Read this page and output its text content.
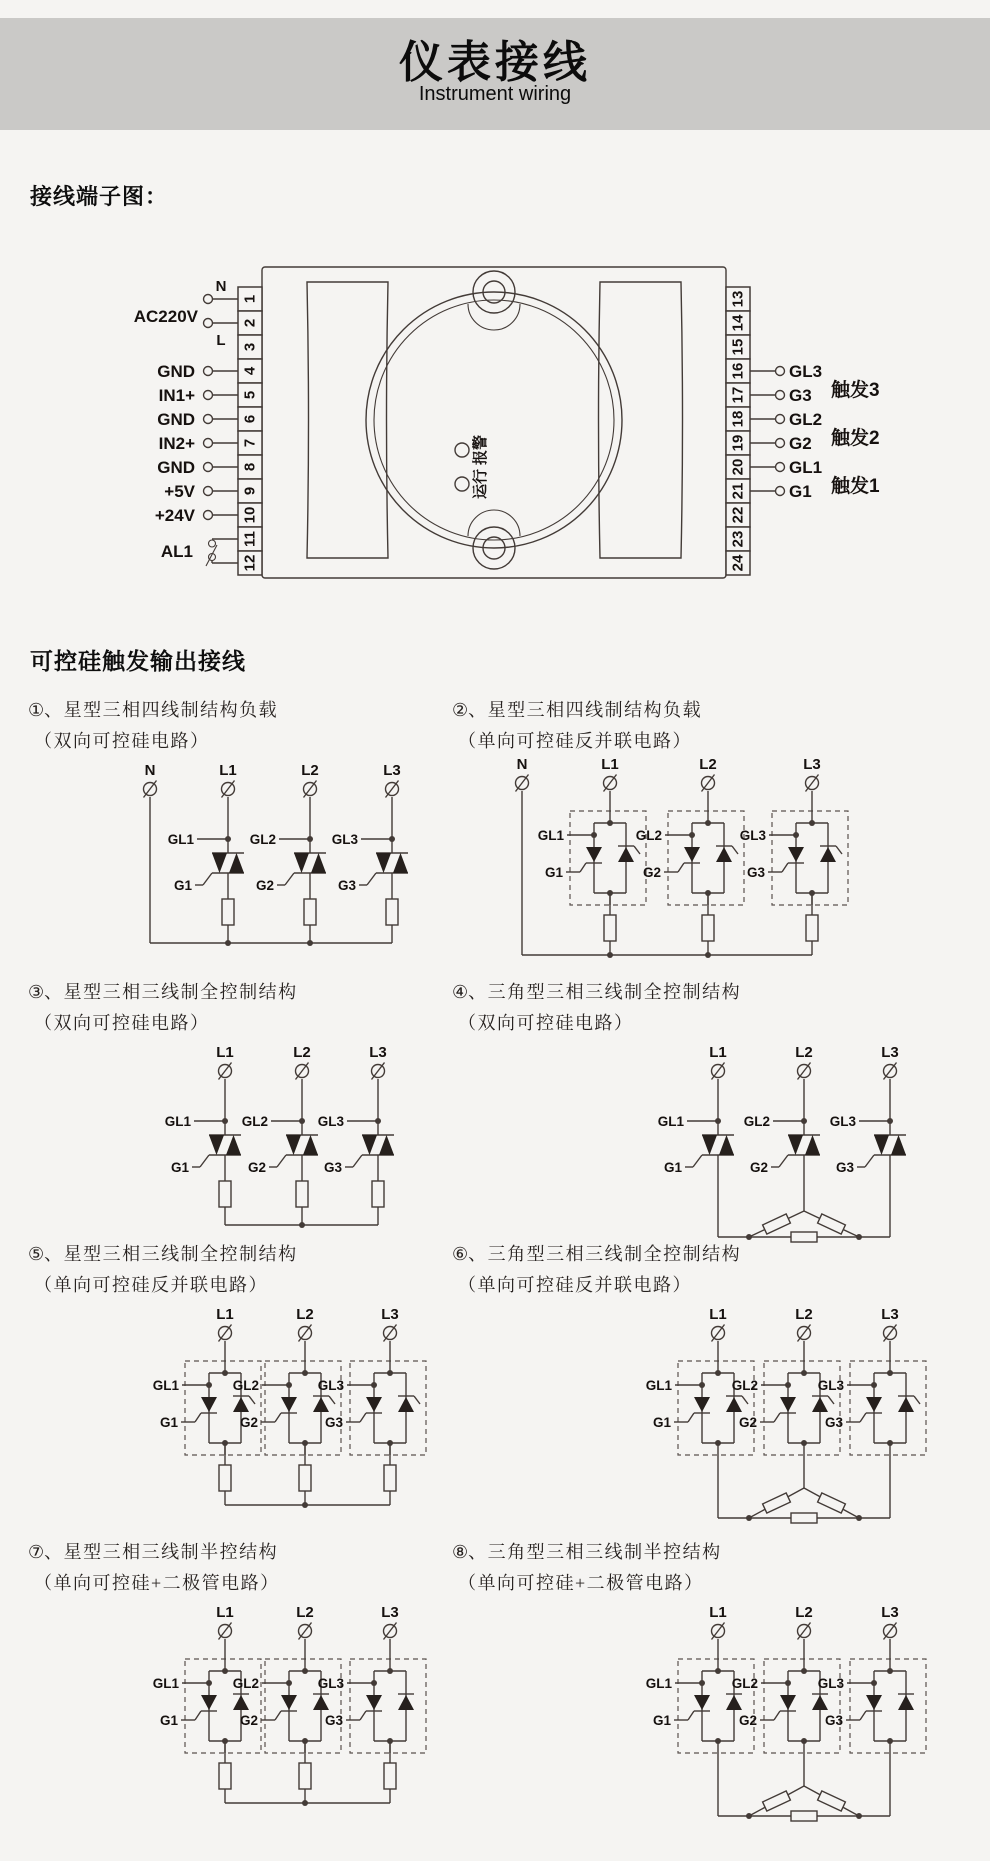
仪表接线
Instrument wiring
接线端子图：
1	13
2	14
3	15
4	16
5	17
6	18
7	19
8	20
9	21
10	22
11	23
12	24
报警
运行
N
L
GND
IN1+
GND
IN2+
GND
+5V
+24V
AC220V
AL1
GL3
G3
GL2
G2
GL1
G1
触发3
触发2
触发1
可控硅触发输出接线
①、星型三相四线制结构负载
（双向可控硅电路）
N	L1	L2	L3
GL1
G1
GL2
G2
GL3
G3
②、星型三相四线制结构负载
（单向可控硅反并联电路）
N	L1	L2	L3
GL1
G1
GL2
G2
GL3
G3
③、星型三相三线制全控制结构
（双向可控硅电路）
L1	L2	L3
GL1
G1
GL2
G2
GL3
G3
④、三角型三相三线制全控制结构
（双向可控硅电路）
L1	L2	L3
GL1
G1
GL2
G2
GL3
G3
⑤、星型三相三线制全控制结构
（单向可控硅反并联电路）
L1	L2	L3
GL1
G1
GL2
G2
GL3
G3
⑥、三角型三相三线制全控制结构
（单向可控硅反并联电路）
L1	L2	L3
GL1
G1
GL2
G2
GL3
G3
⑦、星型三相三线制半控结构
（单向可控硅+二极管电路）
L1	L2	L3
GL1
G1
GL2
G2
GL3
G3
⑧、三角型三相三线制半控结构
（单向可控硅+二极管电路）
L1	L2	L3
GL1
G1
GL2
G2
GL3
G3
